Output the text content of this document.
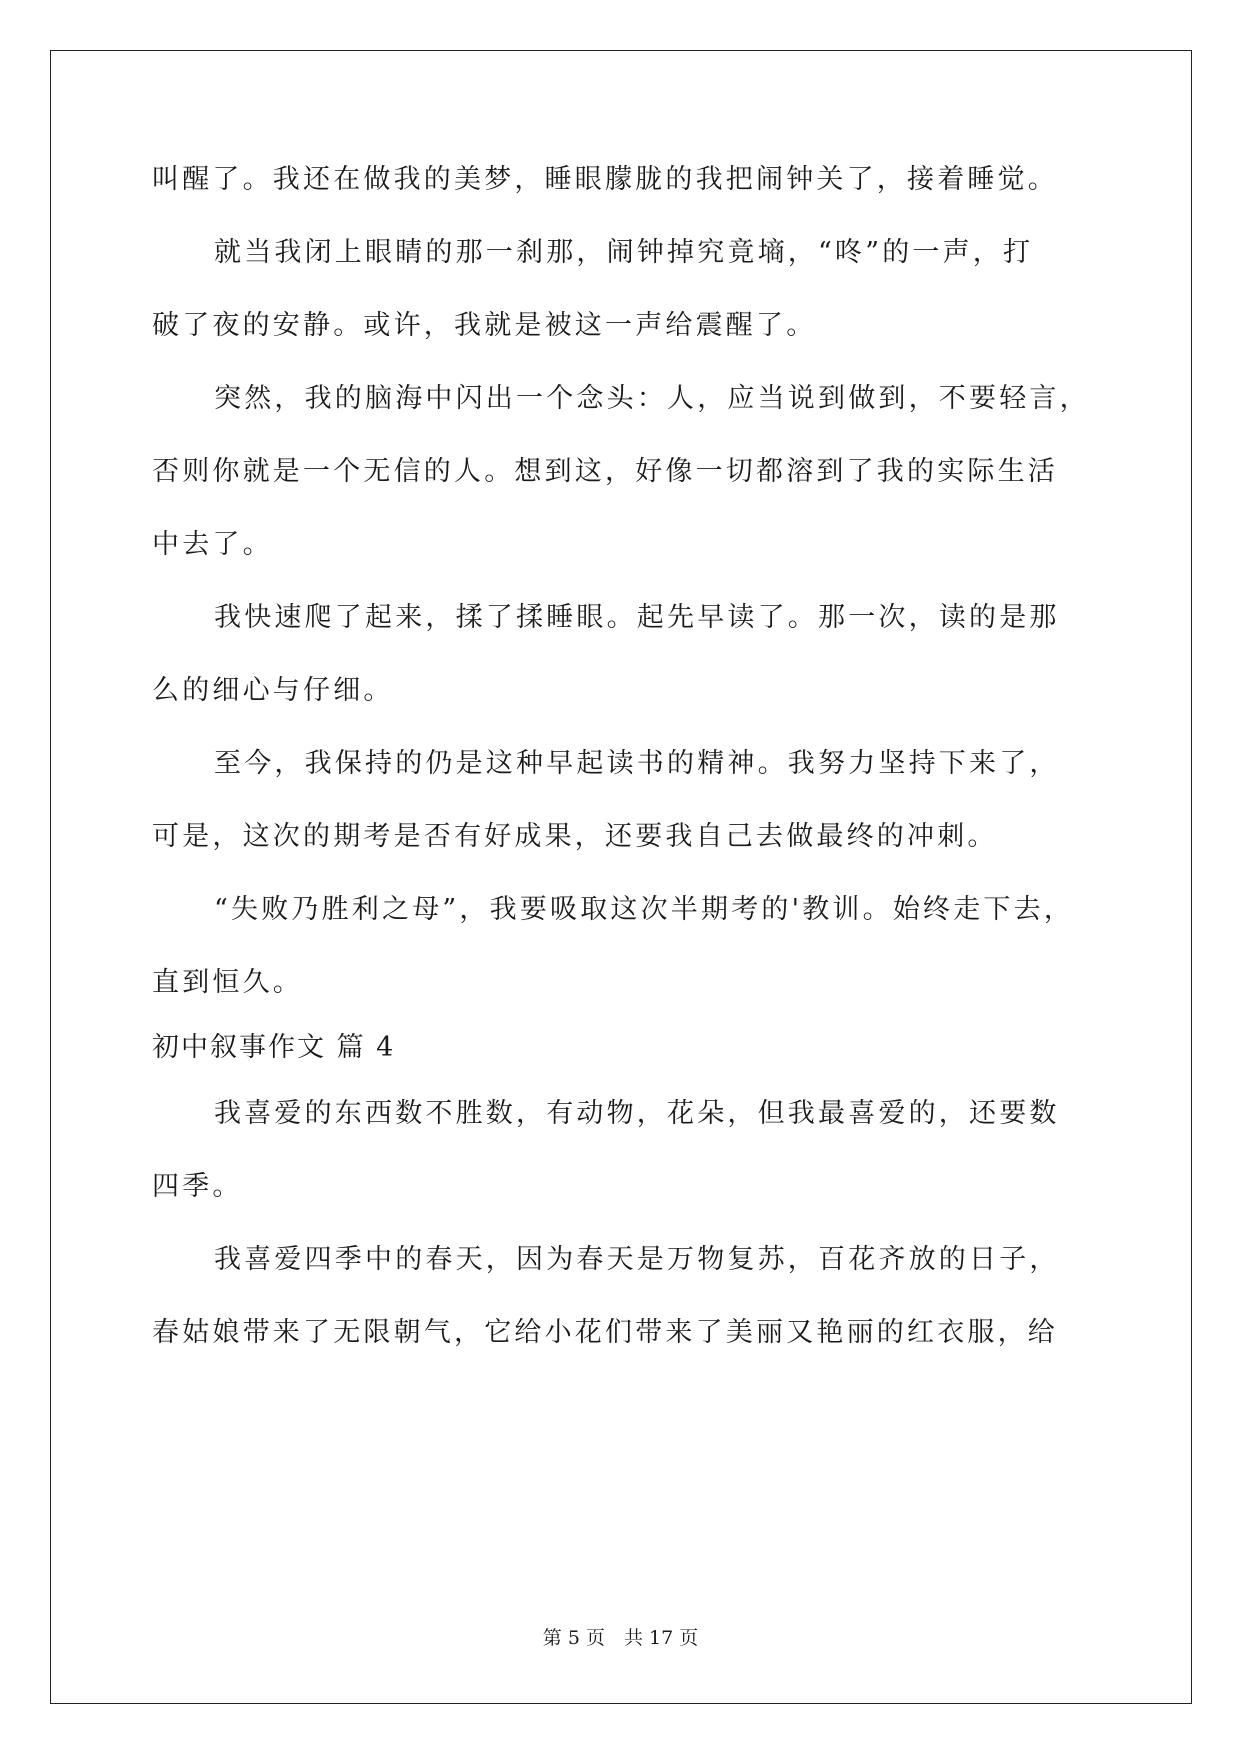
叫醒了。我还在做我的美梦，睡眼朦胧的我把闹钟关了，接着睡觉。
就当我闭上眼睛的那一刹那，闹钟掉究竟墒，“咚”的一声，打
破了夜的安静。或许，我就是被这一声给震醒了。
突然，我的脑海中闪出一个念头：人，应当说到做到，不要轻言，
否则你就是一个无信的人。想到这，好像一切都溶到了我的实际生活
中去了。
我快速爬了起来，揉了揉睡眼。起先早读了。那一次，读的是那
么的细心与仔细。
至今，我保持的仍是这种早起读书的精神。我努力坚持下来了，
可是，这次的期考是否有好成果，还要我自己去做最终的冲刺。
“失败乃胜利之母”，我要吸取这次半期考的'教训。始终走下去，
直到恒久。
初中叙事作文 篇 4
我喜爱的东西数不胜数，有动物，花朵，但我最喜爱的，还要数
四季。
我喜爱四季中的春天，因为春天是万物复苏，百花齐放的日子，
春姑娘带来了无限朝气，它给小花们带来了美丽又艳丽的红衣服，给
第 5 页　共 17 页
